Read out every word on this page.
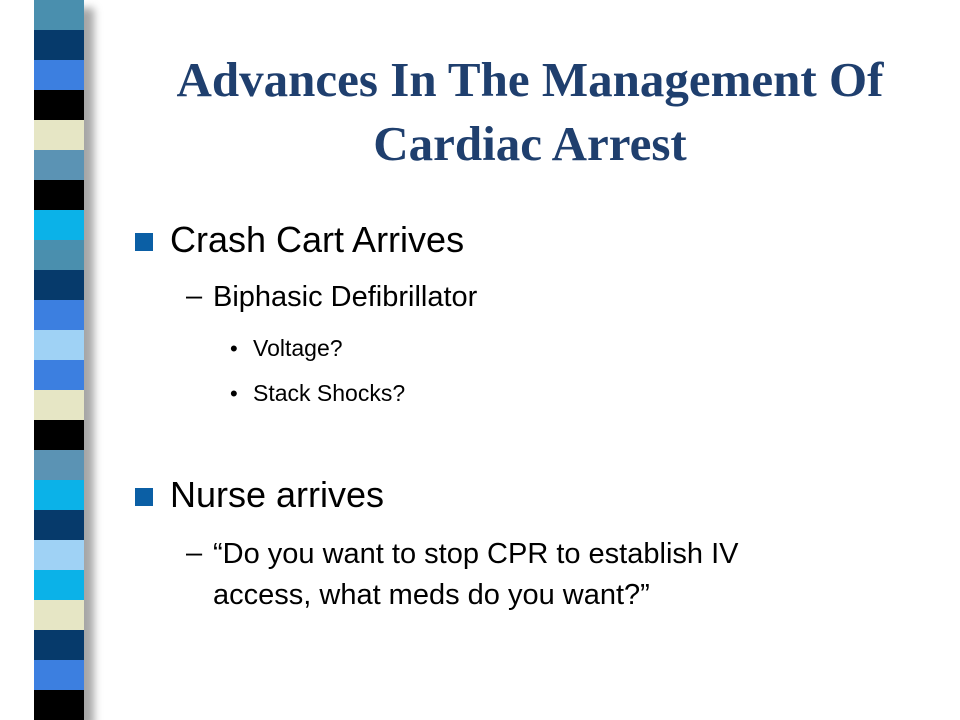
Advances In The Management Of
Cardiac Arrest
Crash Cart Arrives
– Biphasic Defibrillator
• Voltage?
• Stack Shocks?
Nurse arrives
– “Do you want to stop CPR to establish IV
access, what meds do you want?”
